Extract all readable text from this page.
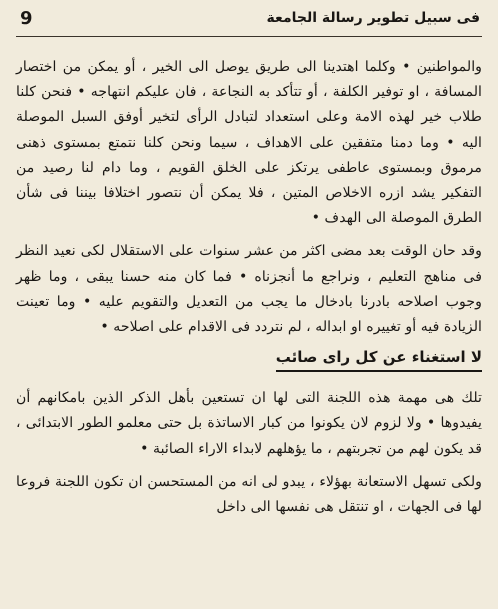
9	فى سبيل تطوير رسالة الجامعة

والمواطنين • وكلما اهتدينا الى طريق يوصل الى الخير ، أو يمكن من اختصار المسافة ، او توفير الكلفة ، أو تتأكد به النجاعة ، فان عليكم انتهاجه • فنحن كلنا طلاب خير لهذه الامة وعلى استعداد لتبادل الرأى لتخير أوفق السبل الموصلة اليه • وما دمنا متفقين على الاهداف ، سيما ونحن كلنا نتمتع بمستوى ذهنى مرموق وبمستوى عاطفى يرتكز على الخلق القويم ، وما دام لنا رصيد من التفكير يشد ازره الاخلاص المتين ، فلا يمكن أن نتصور اختلافا بيننا فى شأن الطرق الموصلة الى الهدف •

وقد حان الوقت بعد مضى اكثر من عشر سنوات على الاستقلال لكى نعيد النظر فى مناهج التعليم ، ونراجع ما أنجزناه • فما كان منه حسنا يبقى ، وما ظهر وجوب اصلاحه بادرنا بادخال ما يجب من التعديل والتقويم عليه • وما تعينت الزيادة فيه أو تغييره او ابداله ، لم نتردد فى الاقدام على اصلاحه •

لا استغناء عن كل راى صائب

تلك هى مهمة هذه اللجنة التى لها ان تستعين بأهل الذكر الذين بامكانهم أن يفيدوها • ولا لزوم لان يكونوا من كبار الاساتذة بل حتى معلمو الطور الابتدائى ، قد يكون لهم من تجربتهم ، ما يؤهلهم لابداء الاراء الصائبة •

ولكى تسهل الاستعانة بهؤلاء ، يبدو لى انه من المستحسن ان تكون اللجنة فروعا لها فى الجهات ، او تنتقل هى نفسها الى داخل
